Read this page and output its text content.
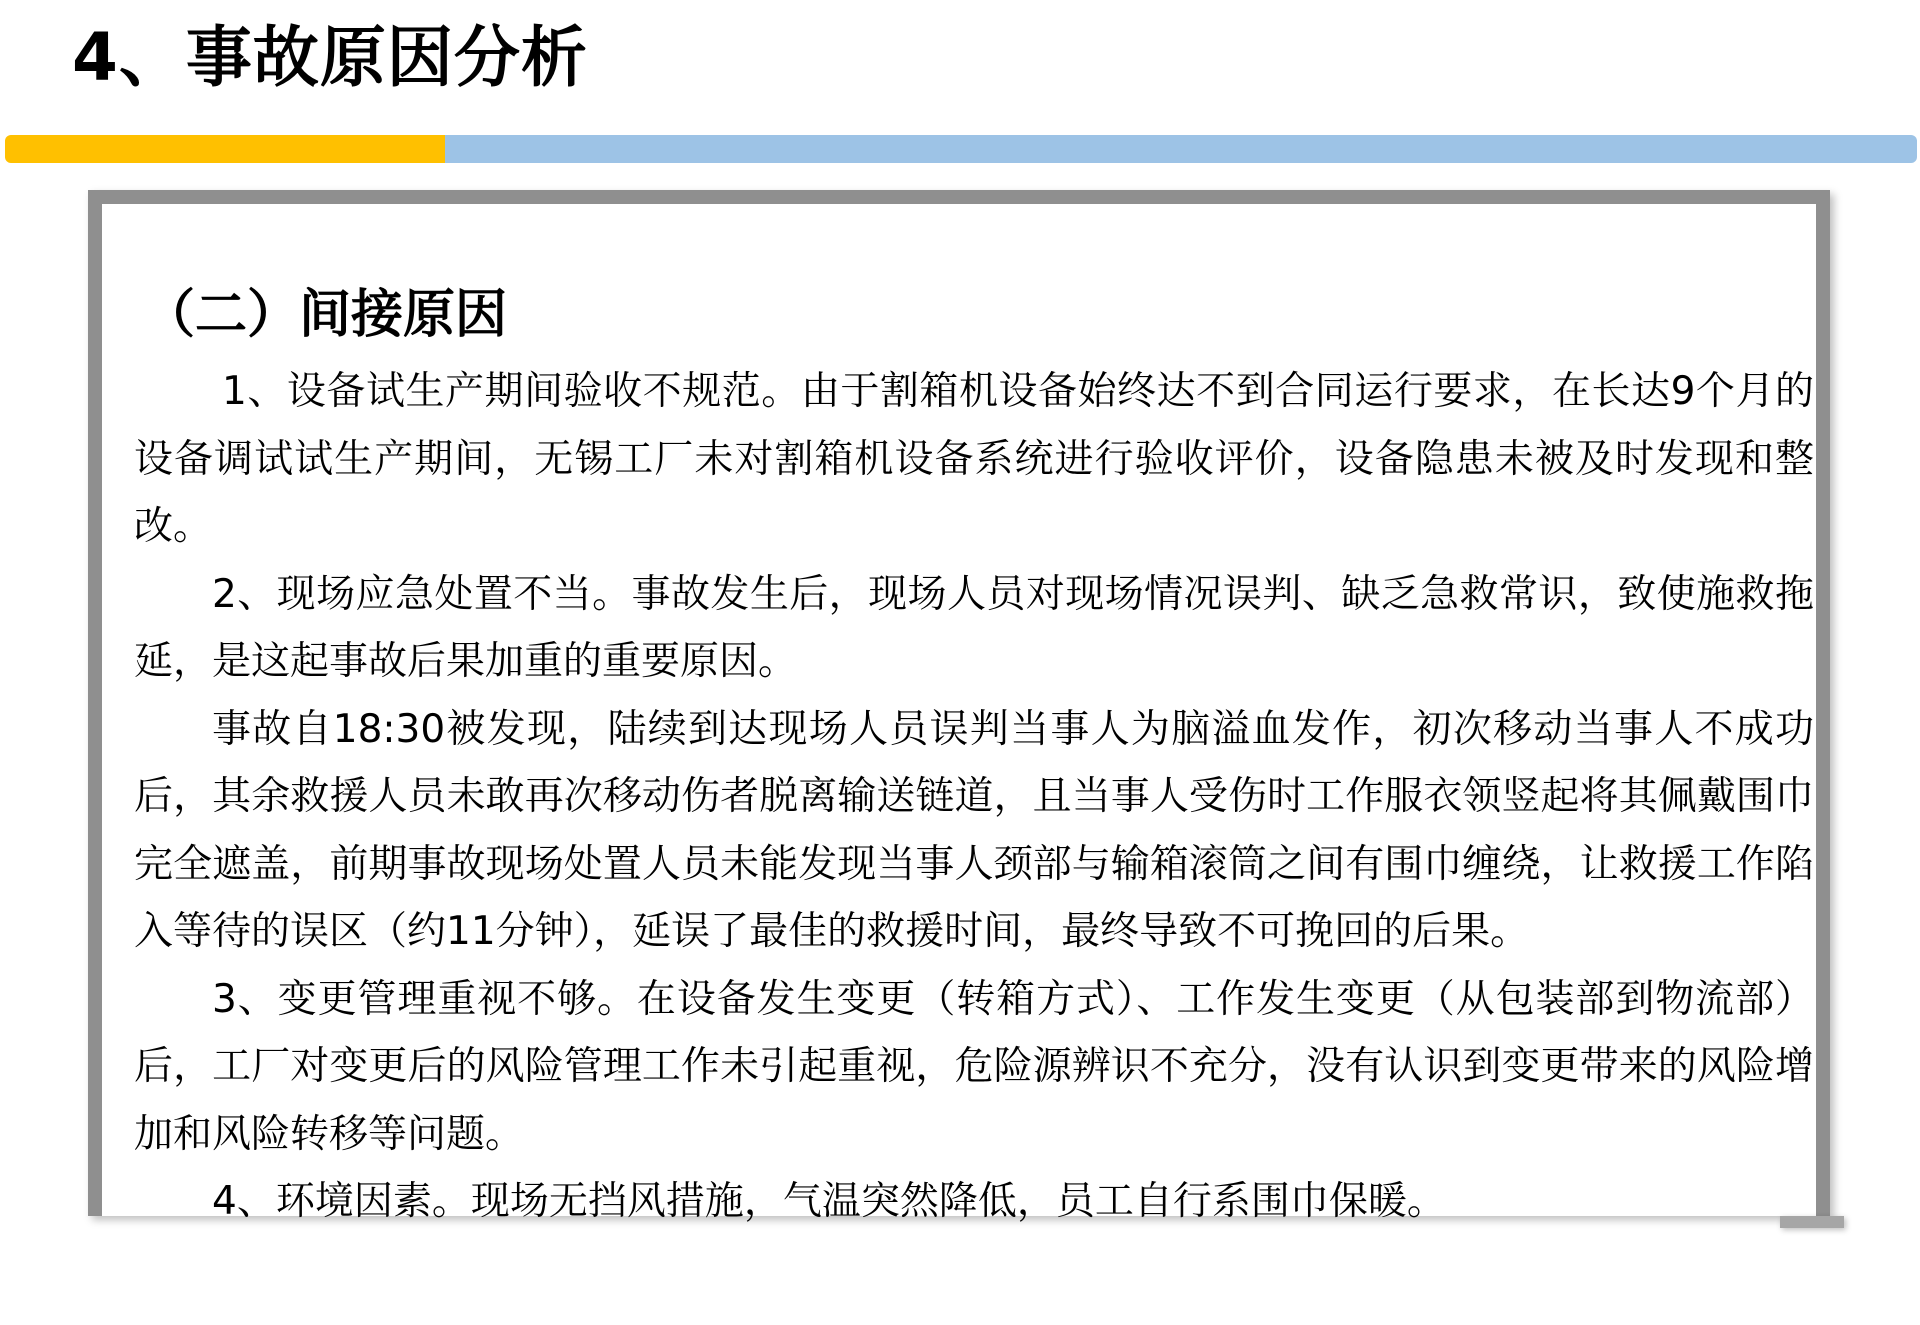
4、事故原因分析
（二）间接原因

1、设备试生产期间验收不规范。由于割箱机设备始终达不到合同运行要求，在长达9个月的设备调试试生产期间，无锡工厂未对割箱机设备系统进行验收评价，设备隐患未被及时发现和整改。

2、现场应急处置不当。事故发生后，现场人员对现场情况误判、缺乏急救常识，致使施救拖延，是这起事故后果加重的重要原因。

事故自18:30被发现，陆续到达现场人员误判当事人为脑溢血发作，初次移动当事人不成功后，其余救援人员未敢再次移动伤者脱离输送链道，且当事人受伤时工作服衣领竖起将其佩戴围巾完全遮盖，前期事故现场处置人员未能发现当事人颈部与输箱滚筒之间有围巾缠绕，让救援工作陷入等待的误区（约11分钟），延误了最佳的救援时间，最终导致不可挽回的后果。

3、变更管理重视不够。在设备发生变更（转箱方式）、工作发生变更（从包装部到物流部）后，工厂对变更后的风险管理工作未引起重视，危险源辨识不充分，没有认识到变更带来的风险增加和风险转移等问题。

4、环境因素。现场无挡风措施，气温突然降低，员工自行系围巾保暖。
